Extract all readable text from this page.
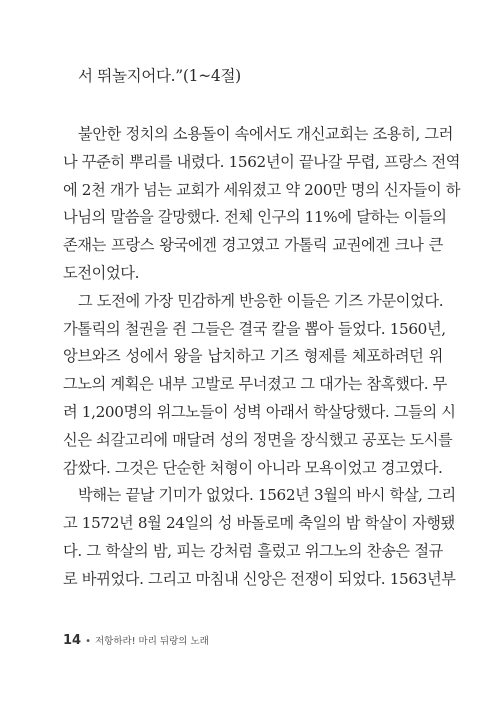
서 뛰놀지어다.”(1~4절)
불안한 정치의 소용돌이 속에서도 개신교회는 조용히, 그러
나 꾸준히 뿌리를 내렸다. 1562년이 끝나갈 무렵, 프랑스 전역
에 2천 개가 넘는 교회가 세워졌고 약 200만 명의 신자들이 하
나님의 말씀을 갈망했다. 전체 인구의 11%에 달하는 이들의
존재는 프랑스 왕국에겐 경고였고 가톨릭 교권에겐 크나 큰
도전이었다.
그 도전에 가장 민감하게 반응한 이들은 기즈 가문이었다.
가톨릭의 철권을 쥔 그들은 결국 칼을 뽑아 들었다. 1560년,
앙브와즈 성에서 왕을 납치하고 기즈 형제를 체포하려던 위
그노의 계획은 내부 고발로 무너졌고 그 대가는 참혹했다. 무
려 1,200명의 위그노들이 성벽 아래서 학살당했다. 그들의 시
신은 쇠갈고리에 매달려 성의 정면을 장식했고 공포는 도시를
감쌌다. 그것은 단순한 처형이 아니라 모욕이었고 경고였다.
박해는 끝날 기미가 없었다. 1562년 3월의 바시 학살, 그리
고 1572년 8월 24일의 성 바돌로메 축일의 밤 학살이 자행됐
다. 그 학살의 밤, 피는 강처럼 흘렀고 위그노의 찬송은 절규
로 바뀌었다. 그리고 마침내 신앙은 전쟁이 되었다. 1563년부
14 • 저항하라! 마리 뒤랑의 노래
